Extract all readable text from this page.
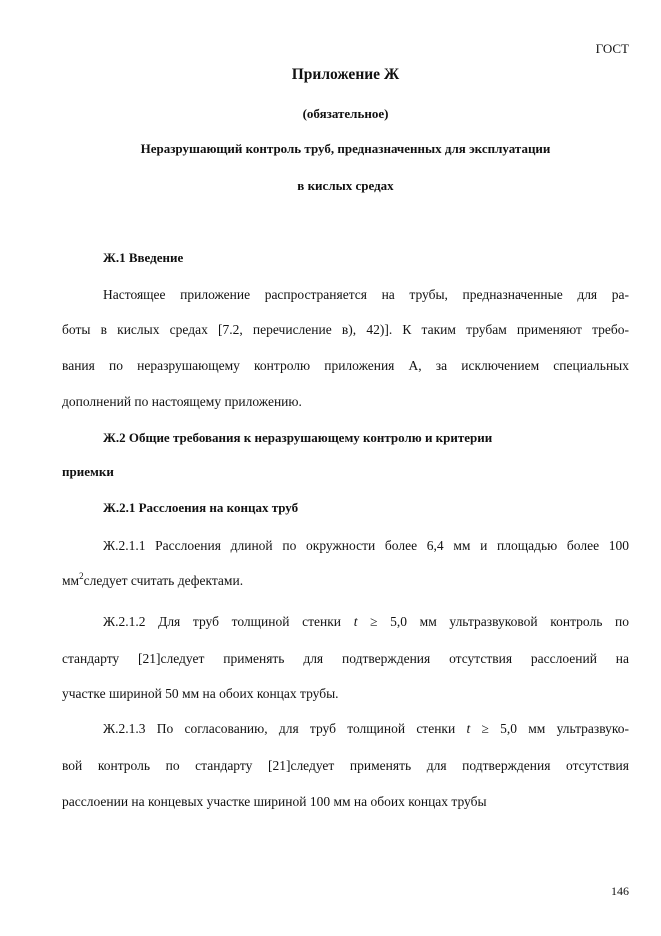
ГОСТ
Приложение Ж
(обязательное)
Неразрушающий контроль труб, предназначенных для эксплуатации
в кислых средах
Ж.1 Введение
Настоящее приложение распространяется на трубы, предназначенные для ра-
боты в кислых средах [7.2, перечисление в), 42)]. К таким трубам применяют требо-
вания по неразрушающему контролю приложения А, за исключением специальных
дополнений по настоящему приложению.
Ж.2 Общие требования к неразрушающему контролю и критерии
приемки
Ж.2.1 Расслоения на концах труб
Ж.2.1.1 Расслоения длиной по окружности более 6,4 мм и площадью более 100
$мм^2следует$ считать дефектами.
Ж.2.1.2 Для труб толщиной стенки t ≥ 5,0 мм ультразвуковой контроль по
стандарту [21]следует применять для подтверждения отсутствия расслоений на
участке шириной 50 мм на обоих концах трубы.
Ж.2.1.3 По согласованию, для труб толщиной стенки t ≥ 5,0 мм ультразвуко-
вой контроль по стандарту [21]следует применять для подтверждения отсутствия
расслоении на концевых участке шириной 100 мм на обоих концах трубы
146
